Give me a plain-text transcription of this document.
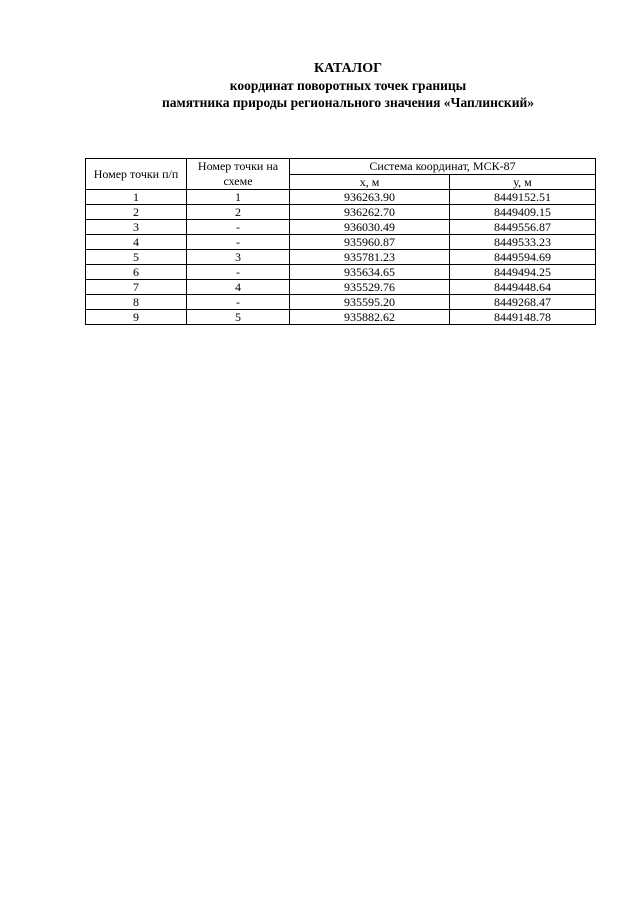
КАТАЛОГ
координат поворотных точек границы
памятника природы регионального значения «Чаплинский»
Номер точки п/п	Номер точки на схеме	Система координат, МСК-87	
		х, м	у, м
1	1	936263.90	8449152.51
2	2	936262.70	8449409.15
3	-	936030.49	8449556.87
4	-	935960.87	8449533.23
5	3	935781.23	8449594.69
6	-	935634.65	8449494.25
7	4	935529.76	8449448.64
8	-	935595.20	8449268.47
9	5	935882.62	8449148.78
